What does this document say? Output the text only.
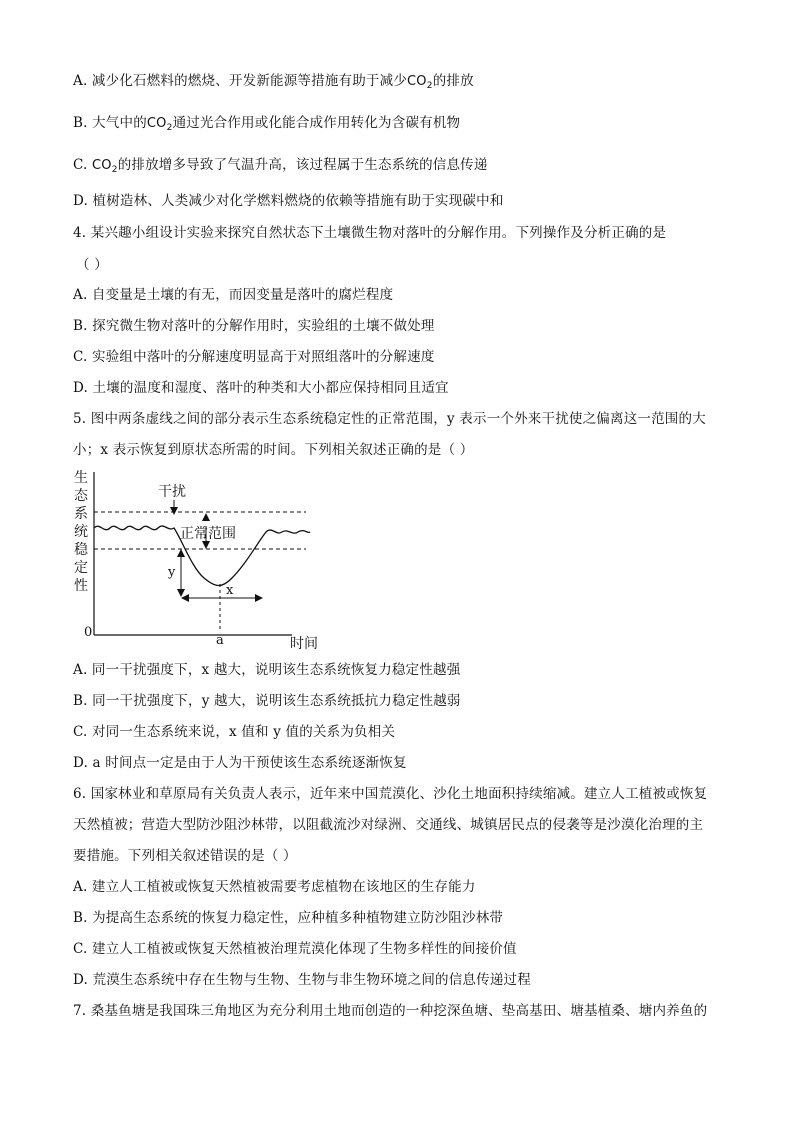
A. 减少化石燃料的燃烧、开发新能源等措施有助于减少$CO_2$的排放
B. 大气中的$CO_2$通过光合作用或化能合成作用转化为含碳有机物
C. $CO_2$的排放增多导致了气温升高，该过程属于生态系统的信息传递
D. 植树造林、人类减少对化学燃料燃烧的依赖等措施有助于实现碳中和
4. 某兴趣小组设计实验来探究自然状态下土壤微生物对落叶的分解作用。下列操作及分析正确的是
（ ）
A. 自变量是土壤的有无，而因变量是落叶的腐烂程度
B. 探究微生物对落叶的分解作用时，实验组的土壤不做处理
C. 实验组中落叶的分解速度明显高于对照组落叶的分解速度
D. 土壤的温度和湿度、落叶的种类和大小都应保持相同且适宜
5. 图中两条虚线之间的部分表示生态系统稳定性的正常范围，y 表示一个外来干扰使之偏离这一范围的大
小；x 表示恢复到原状态所需的时间。下列相关叙述正确的是（ ）
生
态
系
统
稳
定
性
0
时间
干扰
正常范围
y
x
a
A. 同一干扰强度下，x 越大，说明该生态系统恢复力稳定性越强
B. 同一干扰强度下，y 越大，说明该生态系统抵抗力稳定性越弱
C. 对同一生态系统来说，x 值和 y 值的关系为负相关
D. a 时间点一定是由于人为干预使该生态系统逐渐恢复
6. 国家林业和草原局有关负责人表示，近年来中国荒漠化、沙化土地面积持续缩减。建立人工植被或恢复
天然植被；营造大型防沙阻沙林带，以阻截流沙对绿洲、交通线、城镇居民点的侵袭等是沙漠化治理的主
要措施。下列相关叙述错误的是（ ）
A. 建立人工植被或恢复天然植被需要考虑植物在该地区的生存能力
B. 为提高生态系统的恢复力稳定性，应种植多种植物建立防沙阻沙林带
C. 建立人工植被或恢复天然植被治理荒漠化体现了生物多样性的间接价值
D. 荒漠生态系统中存在生物与生物、生物与非生物环境之间的信息传递过程
7. 桑基鱼塘是我国珠三角地区为充分利用土地而创造的一种挖深鱼塘、垫高基田、塘基植桑、塘内养鱼的
